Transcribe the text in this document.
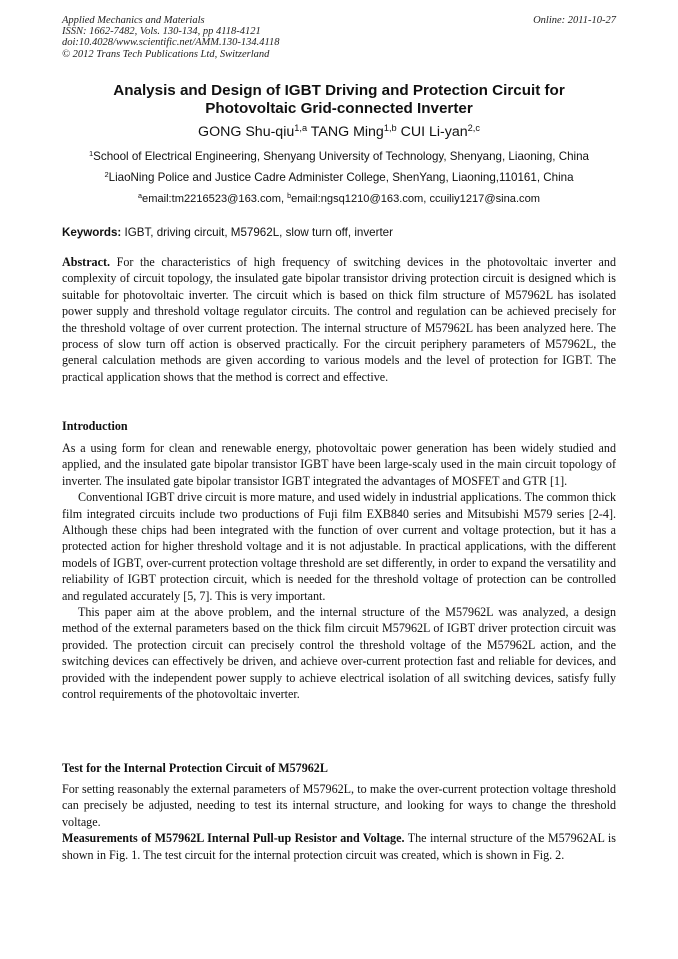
Applied Mechanics and Materials
ISSN: 1662-7482, Vols. 130-134, pp 4118-4121
doi:10.4028/www.scientific.net/AMM.130-134.4118
© 2012 Trans Tech Publications Ltd, Switzerland
Online: 2011-10-27
Analysis and Design of IGBT Driving and Protection Circuit for
Photovoltaic Grid-connected Inverter
GONG Shu-qiu$^{1,a}$ TANG Ming$^{1,b}$ CUI Li-yan$^{2,c}$
$^1$School of Electrical Engineering, Shenyang University of Technology, Shenyang, Liaoning, China
$^2$LiaoNing Police and Justice Cadre Administer College, ShenYang, Liaoning,110161, China
$^a$email:tm2216523@163.com, $^b$email:ngsq1210@163.com, ccuiliy1217@sina.com
Keywords: IGBT, driving circuit, M57962L, slow turn off, inverter

Abstract. For the characteristics of high frequency of switching devices in the photovoltaic inverter and complexity of circuit topology, the insulated gate bipolar transistor driving protection circuit is designed which is suitable for photovoltaic inverter. The circuit which is based on thick film structure of M57962L has isolated power supply and threshold voltage regulator circuits. The control and regulation can be achieved precisely for the threshold voltage of over current protection. The internal structure of M57962L has been analyzed here. The process of slow turn off action is observed practically. For the circuit periphery parameters of M57962L, the general calculation methods are given according to various models and the level of protection for IGBT. The practical application shows that the method is correct and effective.

Introduction

As a using form for clean and renewable energy, photovoltaic power generation has been widely studied and applied, and the insulated gate bipolar transistor IGBT have been large-scaly used in the main circuit topology of inverter. The insulated gate bipolar transistor IGBT integrated the advantages of MOSFET and GTR [1].

Conventional IGBT drive circuit is more mature, and used widely in industrial applications. The common thick film integrated circuits include two productions of Fuji film EXB840 series and Mitsubishi M579 series [2-4]. Although these chips had been integrated with the function of over current and voltage protection, but it has a protected action for higher threshold voltage and it is not adjustable. In practical applications, with the different models of IGBT, over-current protection voltage threshold are set differently, in order to expand the versatility and reliability of IGBT protection circuit, which is needed for the threshold voltage of protection can be controlled and regulated accurately [5, 7]. This is very important.

This paper aim at the above problem, and the internal structure of the M57962L was analyzed, a design method of the external parameters based on the thick film circuit M57962L of IGBT driver protection circuit was provided. The protection circuit can precisely control the threshold voltage of the M57962L action, and the switching devices can effectively be driven, and achieve over-current protection fast and reliable for devices, and provided with the independent power supply to achieve electrical isolation of all switching devices, satisfy fully control requirements of the photovoltaic inverter.

Test for the Internal Protection Circuit of M57962L

For setting reasonably the external parameters of M57962L, to make the over-current protection voltage threshold can precisely be adjusted, needing to test its internal structure, and looking for ways to change the threshold voltage.

Measurements of M57962L Internal Pull-up Resistor and Voltage. The internal structure of the M57962AL is shown in Fig. 1. The test circuit for the internal protection circuit was created, which is shown in Fig. 2.
